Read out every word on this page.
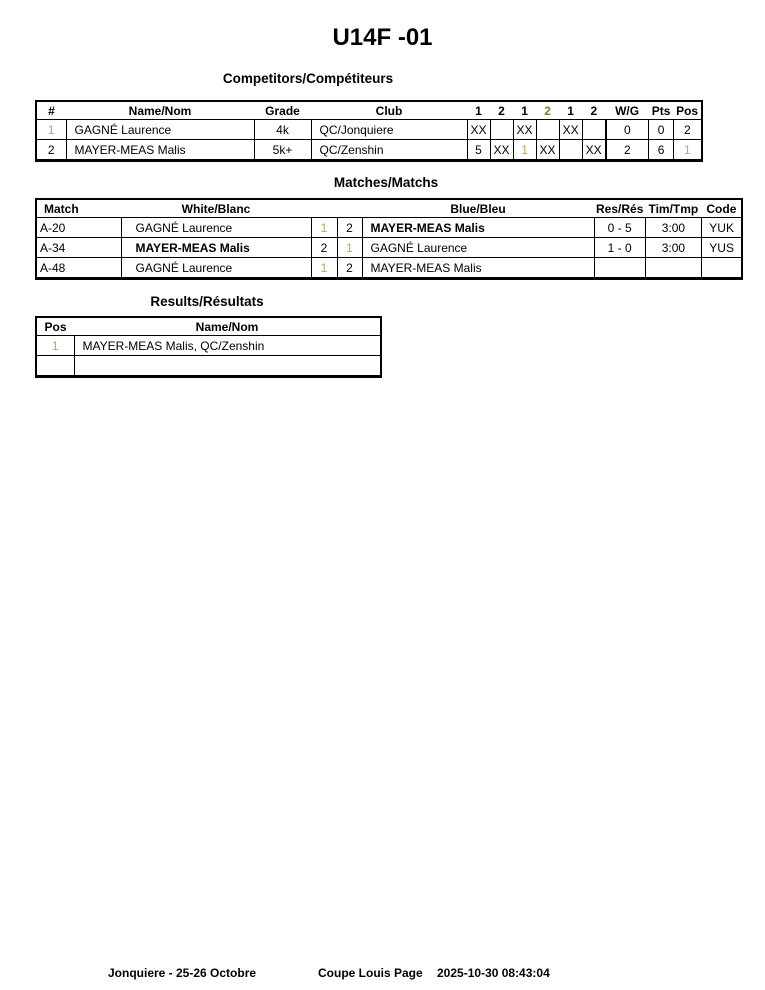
U14F -01
Competitors/Compétiteurs
#	Name/Nom	Grade	Club	1	2	1	2	1	2	W/G	Pts	Pos
1	GAGNÉ Laurence	4k	QC/Jonquiere	XX		XX		XX		0	0	2
2	MAYER-MEAS Malis	5k+	QC/Zenshin	5	XX	1	XX		XX	2	6	1
Matches/Matchs
Match	White/Blanc			Blue/Bleu	Res/Rés	Tim/Tmp	Code
A-20	GAGNÉ Laurence	1	2	MAYER-MEAS Malis	0 - 5	3:00	YUK
A-34	MAYER-MEAS Malis	2	1	GAGNÉ Laurence	1 - 0	3:00	YUS
A-48	GAGNÉ Laurence	1	2	MAYER-MEAS Malis			
Results/Résultats
Pos	Name/Nom
1	MAYER-MEAS Malis, QC/Zenshin

Jonquiere - 25-26 Octobre	Coupe Louis Page 2025-10-30 08:43:04
